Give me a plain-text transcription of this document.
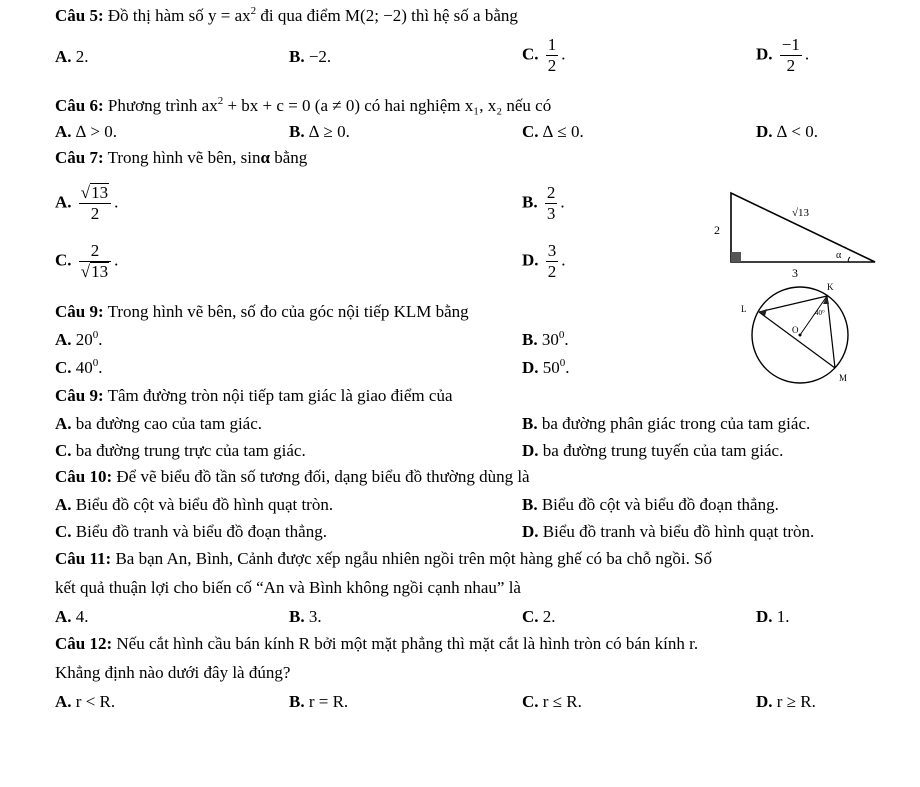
Câu 5: Đồ thị hàm số $y = ax^2$ đi qua điểm M(2; −2) thì hệ số a bằng
A. 2.	B. −2.	C. $\frac{1}{2}$ .	D. $\frac{-1}{2}$ .
Câu 6: Phương trình $ax^2$ + bx + c = 0 (a ≠ 0) có hai nghiệm x₁, x₂ nếu có
A. ∆ > 0.	B. ∆ ≥ 0.	C. ∆ ≤ 0.	D. ∆ < 0.
Câu 7: Trong hình vẽ bên, sinα bằng
A. $\frac{√13}{2}$ .	B. $\frac{2}{3}$ .
C. $\frac{2}{√13}$ .	D. $\frac{3}{2}$ .
√13
2
3
α
Câu 9: Trong hình vẽ bên, số đo của góc nội tiếp KLM bằng
A. $20^0$.	B. $30^0$.
C. $40^0$.	D. $50^0$.
K
L
M
O
40°
Câu 9: Tâm đường tròn nội tiếp tam giác là giao điểm của
A. ba đường cao của tam giác.	B. ba đường phân giác trong của tam giác.
C. ba đường trung trực của tam giác.	D. ba đường trung tuyến của tam giác.
Câu 10: Để vẽ biểu đồ tần số tương đối, dạng biểu đồ thường dùng là
A. Biểu đồ cột và biểu đồ hình quạt tròn.	B. Biểu đồ cột và biểu đồ đoạn thẳng.
C. Biểu đồ tranh và biểu đồ đoạn thẳng.	D. Biểu đồ tranh và biểu đồ hình quạt tròn.
Câu 11: Ba bạn An, Bình, Cảnh được xếp ngẫu nhiên ngồi trên một hàng ghế có ba chỗ ngồi. Số
kết quả thuận lợi cho biến cố “An và Bình không ngồi cạnh nhau” là
A. 4.	B. 3.	C. 2.	D. 1.
Câu 12: Nếu cắt hình cầu bán kính R bởi một mặt phẳng thì mặt cắt là hình tròn có bán kính r.
Khẳng định nào dưới đây là đúng?
A. r < R.	B. r = R.	C. r ≤ R.	D. r ≥ R.
